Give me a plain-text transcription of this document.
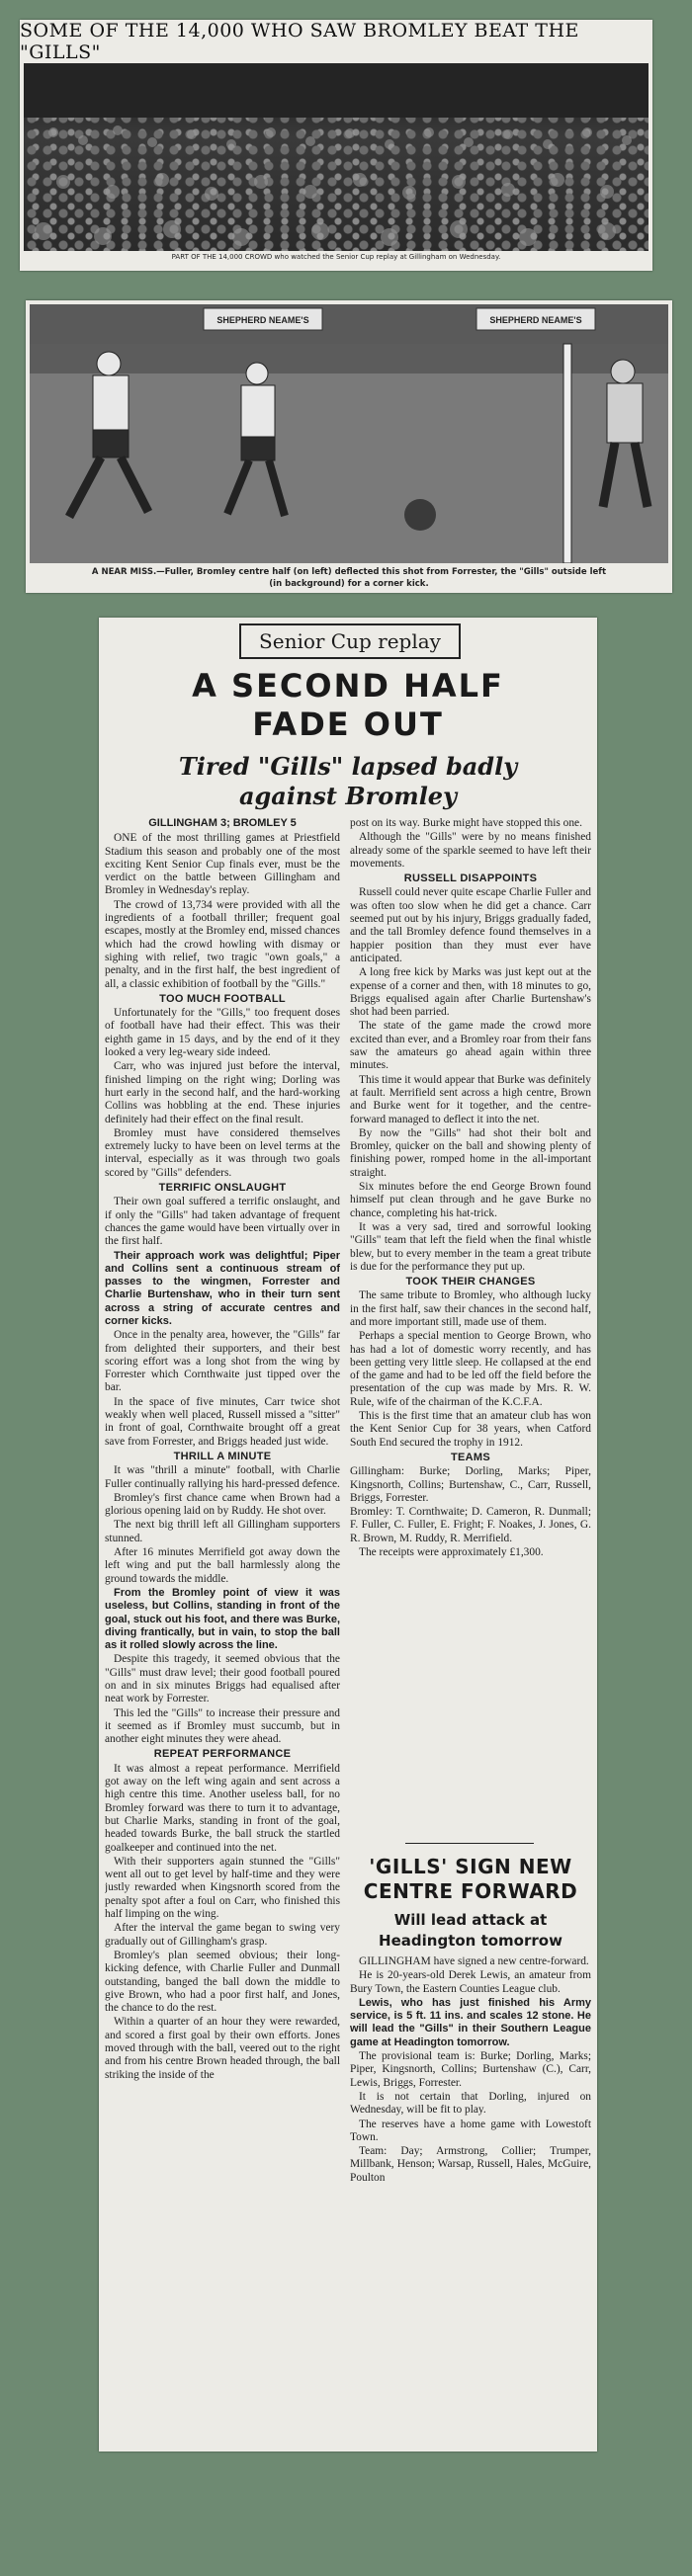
SOME OF THE 14,000 WHO SAW BROMLEY BEAT THE "GILLS"
PART OF THE 14,000 CROWD who watched the Senior Cup replay at Gillingham on Wednesday.
SHEPHERD NEAME'S	SHEPHERD NEAME'S
A NEAR MISS.—Fuller, Bromley centre half (on left) deflected this shot from Forrester, the "Gills" outside left
(in background) for a corner kick.
Senior Cup replay
A SECOND HALF
FADE OUT
Tired "Gills" lapsed badly
against Bromley
GILLINGHAM 3; BROMLEY 5

ONE of the most thrilling games at Priestfield Stadium this season and probably one of the most exciting Kent Senior Cup finals ever, must be the verdict on the battle between Gillingham and Bromley in Wednesday's replay.

The crowd of 13,734 were provided with all the ingredients of a football thriller; frequent goal escapes, mostly at the Bromley end, missed chances which had the crowd howling with dismay or sighing with relief, two tragic "own goals," a penalty, and in the first half, the best ingredient of all, a classic exhibition of football by the "Gills."

TOO MUCH FOOTBALL

Unfortunately for the "Gills," too frequent doses of football have had their effect. This was their eighth game in 15 days, and by the end of it they looked a very leg-weary side indeed.

Carr, who was injured just before the interval, finished limping on the right wing; Dorling was hurt early in the second half, and the hard-working Collins was hobbling at the end. These injuries definitely had their effect on the final result.

Bromley must have considered themselves extremely lucky to have been on level terms at the interval, especially as it was through two goals scored by "Gills" defenders.

TERRIFIC ONSLAUGHT

Their own goal suffered a terrific onslaught, and if only the "Gills" had taken advantage of frequent chances the game would have been virtually over in the first half.

Their approach work was delightful; Piper and Collins sent a continuous stream of passes to the wingmen, Forrester and Charlie Burtenshaw, who in their turn sent across a string of accurate centres and corner kicks.

Once in the penalty area, however, the "Gills" far from delighted their supporters, and their best scoring effort was a long shot from the wing by Forrester which Cornthwaite just tipped over the bar.

In the space of five minutes, Carr twice shot weakly when well placed, Russell missed a "sitter" in front of goal, Cornthwaite brought off a great save from Forrester, and Briggs headed just wide.

THRILL A MINUTE

It was "thrill a minute" football, with Charlie Fuller continually rallying his hard-pressed defence.

Bromley's first chance came when Brown had a glorious opening laid on by Ruddy. He shot over.

The next big thrill left all Gillingham supporters stunned.

After 16 minutes Merrifield got away down the left wing and put the ball harmlessly along the ground towards the middle.

From the Bromley point of view it was useless, but Collins, standing in front of the goal, stuck out his foot, and there was Burke, diving frantically, but in vain, to stop the ball as it rolled slowly across the line.

Despite this tragedy, it seemed obvious that the "Gills" must draw level; their good football poured on and in six minutes Briggs had equalised after neat work by Forrester.

This led the "Gills" to increase their pressure and it seemed as if Bromley must succumb, but in another eight minutes they were ahead.

REPEAT PERFORMANCE

It was almost a repeat performance. Merrifield got away on the left wing again and sent across a high centre this time. Another useless ball, for no Bromley forward was there to turn it to advantage, but Charlie Marks, standing in front of the goal, headed towards Burke, the ball struck the startled goalkeeper and continued into the net.

With their supporters again stunned the "Gills" went all out to get level by half-time and they were justly rewarded when Kingsnorth scored from the penalty spot after a foul on Carr, who finished this half limping on the wing.

After the interval the game began to swing very gradually out of Gillingham's grasp.

Bromley's plan seemed obvious; their long-kicking defence, with Charlie Fuller and Dunmall outstanding, banged the ball down the middle to give Brown, who had a poor first half, and Jones, the chance to do the rest.

Within a quarter of an hour they were rewarded, and scored a first goal by their own efforts. Jones moved through with the ball, veered out to the right and from his centre Brown headed through, the ball striking the inside of the

post on its way. Burke might have stopped this one.

Although the "Gills" were by no means finished already some of the sparkle seemed to have left their movements.

RUSSELL DISAPPOINTS

Russell could never quite escape Charlie Fuller and was often too slow when he did get a chance. Carr seemed put out by his injury, Briggs gradually faded, and the tall Bromley defence found themselves in a happier position than they must ever have anticipated.

A long free kick by Marks was just kept out at the expense of a corner and then, with 18 minutes to go, Briggs equalised again after Charlie Burtenshaw's shot had been parried.

The state of the game made the crowd more excited than ever, and a Bromley roar from their fans saw the amateurs go ahead again within three minutes.

This time it would appear that Burke was definitely at fault. Merrifield sent across a high centre, Brown and Burke went for it together, and the centre-forward managed to deflect it into the net.

By now the "Gills" had shot their bolt and Bromley, quicker on the ball and showing plenty of finishing power, romped home in the all-important straight.

Six minutes before the end George Brown found himself put clean through and he gave Burke no chance, completing his hat-trick.

It was a very sad, tired and sorrowful looking "Gills" team that left the field when the final whistle blew, but to every member in the team a great tribute is due for the performance they put up.

TOOK THEIR CHANGES

The same tribute to Bromley, who although lucky in the first half, saw their chances in the second half, and more important still, made use of them.

Perhaps a special mention to George Brown, who has had a lot of domestic worry recently, and has been getting very little sleep. He collapsed at the end of the game and had to be led off the field before the presentation of the cup was made by Mrs. R. W. Rule, wife of the chairman of the K.C.F.A.

This is the first time that an amateur club has won the Kent Senior Cup for 38 years, when Catford South End secured the trophy in 1912.

TEAMS

Gillingham: Burke; Dorling, Marks; Piper, Kingsnorth, Collins; Burtenshaw, C., Carr, Russell, Briggs, Forrester.

Bromley: T. Cornthwaite; D. Cameron, R. Dunmall; F. Fuller, C. Fuller, E. Fright; F. Noakes, J. Jones, G. R. Brown, M. Ruddy, R. Merrifield.

The receipts were approximately £1,300.

'GILLS' SIGN NEW
CENTRE FORWARD
Will lead attack at
Headington tomorrow

GILLINGHAM have signed a new centre-forward.

He is 20-years-old Derek Lewis, an amateur from Bury Town, the Eastern Counties League club.

Lewis, who has just finished his Army service, is 5 ft. 11 ins. and scales 12 stone. He will lead the "Gills" in their Southern League game at Headington tomorrow.

The provisional team is: Burke; Dorling, Marks; Piper, Kingsnorth, Collins; Burtenshaw (C.), Carr, Lewis, Briggs, Forrester.

It is not certain that Dorling, injured on Wednesday, will be fit to play.

The reserves have a home game with Lowestoft Town.

Team: Day; Armstrong, Collier; Trumper, Millbank, Henson; Warsap, Russell, Hales, McGuire, Poulton
